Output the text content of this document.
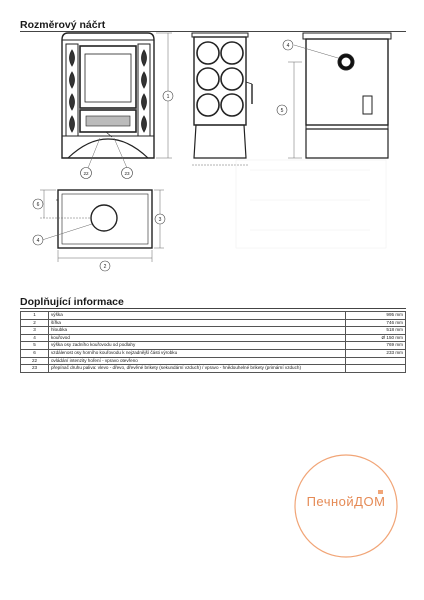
Rozměrový náčrt
1
22	23
4
5
2
3
6
4
Doplňující informace
1	výška	995 mm
2	šířka	746 mm
3	hloubka	518 mm
4	kouřovod	Ø 150 mm
5	výška osy zadního kouřovodu od podlahy	769 mm
6	vzdálenost osy horního kouřovodu k nejzadnější části výrobku	233 mm
22	ovládání intenzity hoření - vpravo otevřeno	
23	přepínač druhu paliva: vlevo - dřevo, dřevěné brikety (sekundární vzduch) / vpravo - hnědouhelné brikety (primární vzduch)	
ПечнойДОМ
